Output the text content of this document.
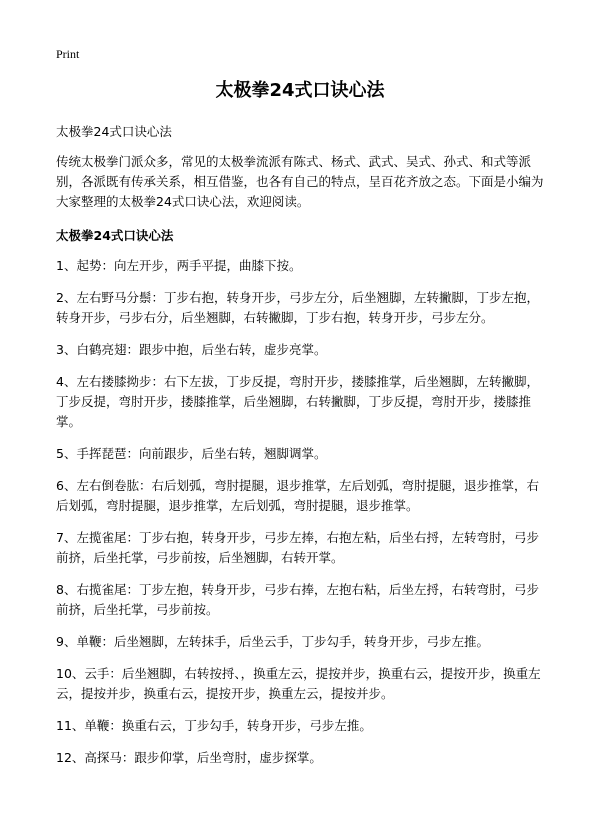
Print
太极拳24式口诀心法

太极拳24式口诀心法

传统太极拳门派众多，常见的太极拳流派有陈式、杨式、武式、吴式、孙式、和式等派别，各派既有传承关系，相互借鉴，也各有自己的特点，呈百花齐放之态。下面是小编为大家整理的太极拳24式口诀心法，欢迎阅读。

太极拳24式口诀心法

1、起势：向左开步，两手平提，曲膝下按。

2、左右野马分鬃：丁步右抱，转身开步，弓步左分，后坐翘脚，左转撇脚，丁步左抱，转身开步，弓步右分，后坐翘脚，右转撇脚，丁步右抱，转身开步，弓步左分。

3、白鹤亮翅：跟步中抱，后坐右转，虚步亮掌。

4、左右搂膝拗步：右下左拔，丁步反提，弯肘开步，搂膝推掌，后坐翘脚，左转撇脚，丁步反提，弯肘开步，搂膝推掌，后坐翘脚，右转撇脚，丁步反提，弯肘开步，搂膝推掌。

5、手挥琵琶：向前跟步，后坐右转，翘脚调掌。

6、左右倒卷肱：右后划弧，弯肘提腿，退步推掌，左后划弧，弯肘提腿，退步推掌，右后划弧，弯肘提腿，退步推掌，左后划弧，弯肘提腿，退步推掌。

7、左揽雀尾：丁步右抱，转身开步，弓步左捧，右抱左粘，后坐右捋，左转弯肘，弓步前挤，后坐托掌，弓步前按，后坐翘脚，右转开掌。

8、右揽雀尾：丁步左抱，转身开步，弓步右捧，左抱右粘，后坐左捋，右转弯肘，弓步前挤，后坐托掌，弓步前按。

9、单鞭：后坐翘脚，左转抹手，后坐云手，丁步勾手，转身开步，弓步左推。

10、云手：后坐翘脚，右转按捋、，换重左云，提按并步，换重右云，提按开步，换重左云，提按并步，换重右云，提按开步，换重左云，提按并步。

11、单鞭：换重右云，丁步勾手，转身开步，弓步左推。

12、高探马：跟步仰掌，后坐弯肘，虚步探掌。
